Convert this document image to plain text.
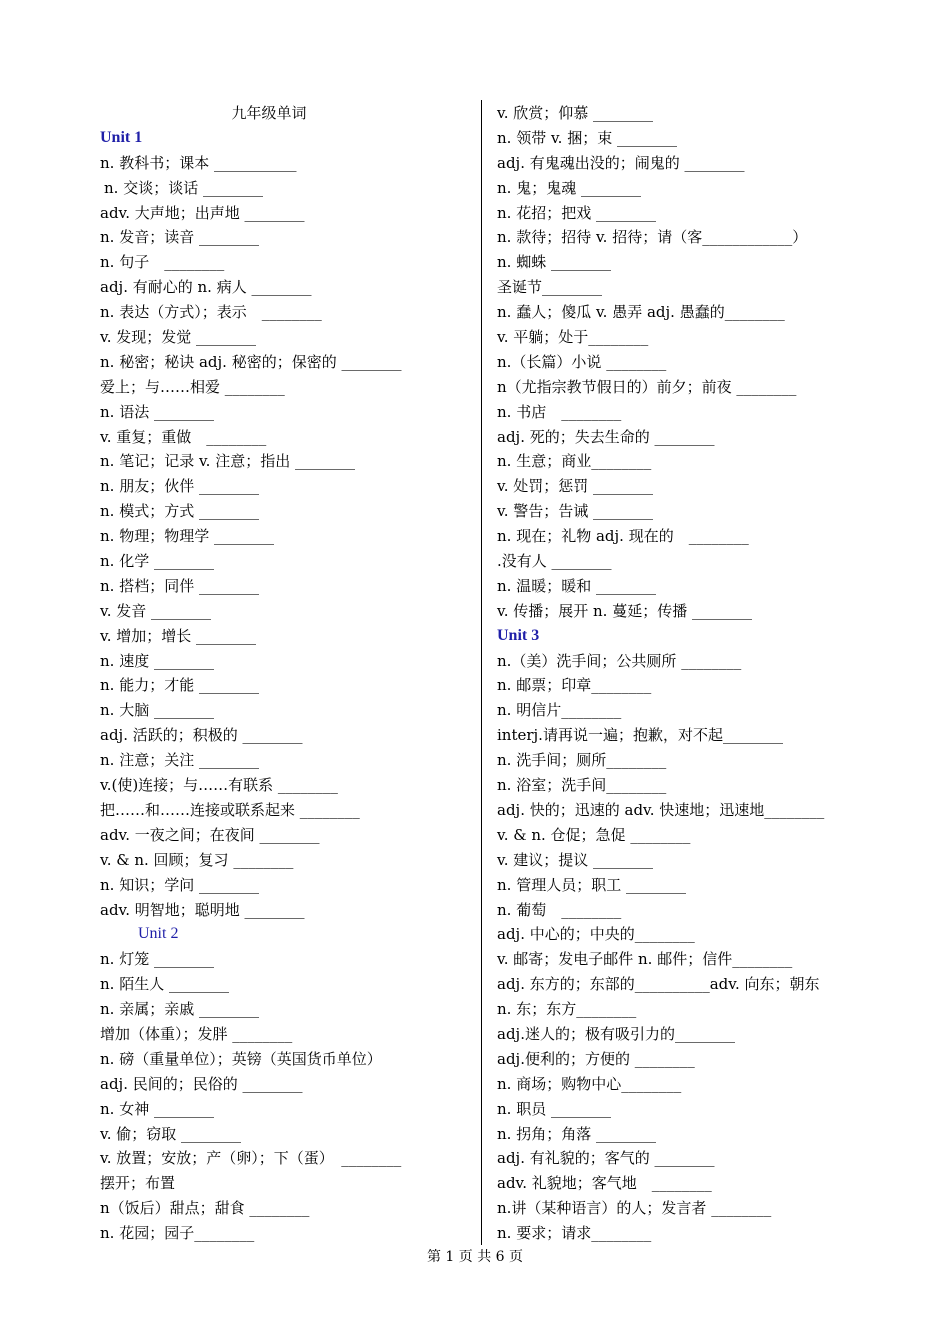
九年级单词
Unit 1
n. 教科书；课本 ___________
n. 交谈；谈话 ________
adv. 大声地；出声地 ________
n. 发音；读音 ________
n. 句子　________
adj. 有耐心的 n. 病人 ________
n. 表达（方式）；表示　________
v. 发现；发觉 ________
n. 秘密；秘诀 adj. 秘密的；保密的 ________
爱上；与……相爱 ________
n. 语法 ________
v. 重复；重做　________
n. 笔记；记录 v. 注意；指出 ________
n. 朋友；伙伴 ________
n. 模式；方式 ________
n. 物理；物理学 ________
n. 化学 ________
n. 搭档；同伴 ________
v. 发音 ________
v. 增加；增长 ________
n. 速度 ________
n. 能力；才能 ________
n. 大脑 ________
adj. 活跃的；积极的 ________
n. 注意；关注 ________
v.(使)连接；与……有联系 ________
把……和……连接或联系起来 ________
adv. 一夜之间；在夜间 ________
v. & n. 回顾；复习 ________
n. 知识；学问 ________
adv. 明智地；聪明地 ________
Unit 2
n. 灯笼 ________
n. 陌生人 ________
n. 亲属；亲戚 ________
增加（体重）；发胖 ________
n. 磅（重量单位）；英镑（英国货币单位）
adj. 民间的；民俗的 ________
n. 女神 ________
v. 偷；窃取 ________
v. 放置；安放；产（卵）；下（蛋）　________
摆开；布置
n（饭后）甜点；甜食 ________
n. 花园；园子________
v. 欣赏；仰慕 ________
n. 领带 v. 捆；束 ________
adj. 有鬼魂出没的；闹鬼的 ________
n. 鬼；鬼魂 ________
n. 花招；把戏 ________
n. 款待；招待 v. 招待；请（客____________）
n. 蜘蛛 ________
圣诞节________
n. 蠢人；傻瓜 v. 愚弄 adj. 愚蠢的________
v. 平躺；处于________
n.（长篇）小说 ________
n（尤指宗教节假日的）前夕；前夜 ________
n. 书店　________
adj. 死的；失去生命的 ________
n. 生意；商业________
v. 处罚；惩罚 ________
v. 警告；告诫 ________
n. 现在；礼物 adj. 现在的　________
.没有人 ________
n. 温暖；暖和 ________
v. 传播；展开 n. 蔓延；传播 ________
Unit 3
n.（美）洗手间；公共厕所 ________
n. 邮票；印章________
n. 明信片________
interj.请再说一遍；抱歉，对不起________
n. 洗手间；厕所________
n. 浴室；洗手间________
adj. 快的；迅速的 adv. 快速地；迅速地________
v. & n. 仓促；急促 ________
v. 建议；提议 ________
n. 管理人员；职工 ________
n. 葡萄　________
adj. 中心的；中央的________
v. 邮寄；发电子邮件 n. 邮件；信件________
adj. 东方的；东部的__________adv. 向东；朝东
n. 东；东方________
adj.迷人的；极有吸引力的________
adj.便利的；方便的 ________
n. 商场；购物中心________
n. 职员 ________
n. 拐角；角落 ________
adj. 有礼貌的；客气的 ________
adv. 礼貌地；客气地　________
n.讲（某种语言）的人；发言者 ________
n. 要求；请求________
第 1 页 共 6 页
